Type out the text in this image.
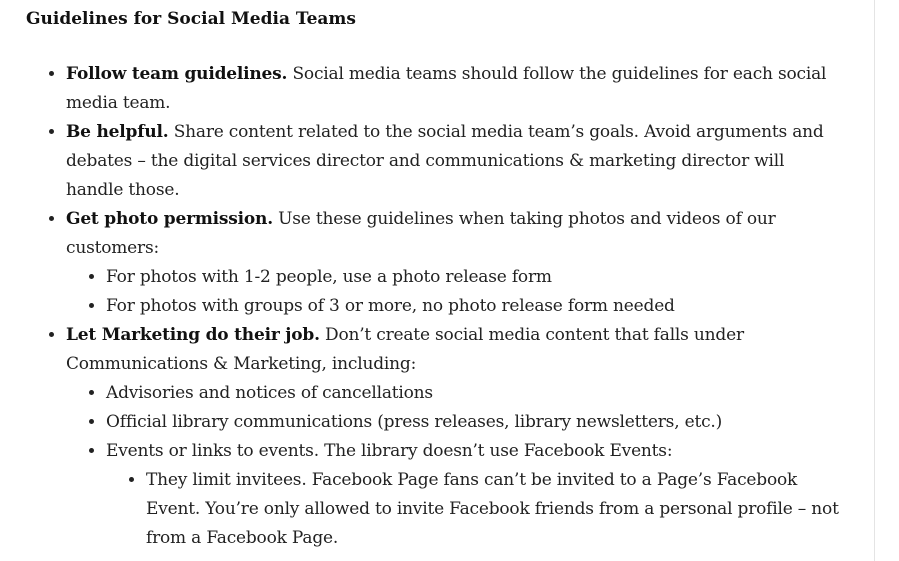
Guidelines for Social Media Teams
• Follow team guidelines. Social media teams should follow the guidelines for each social media team.
• Be helpful. Share content related to the social media team’s goals. Avoid arguments and debates – the digital services director and communications & marketing director will handle those.
• Get photo permission. Use these guidelines when taking photos and videos of our customers:
• For photos with 1-2 people, use a photo release form
• For photos with groups of 3 or more, no photo release form needed
• Let Marketing do their job. Don’t create social media content that falls under Communications & Marketing, including:
• Advisories and notices of cancellations
• Official library communications (press releases, library newsletters, etc.)
• Events or links to events. The library doesn’t use Facebook Events:
• They limit invitees. Facebook Page fans can’t be invited to a Page’s Facebook Event. You’re only allowed to invite Facebook friends from a personal profile – not from a Facebook Page.
